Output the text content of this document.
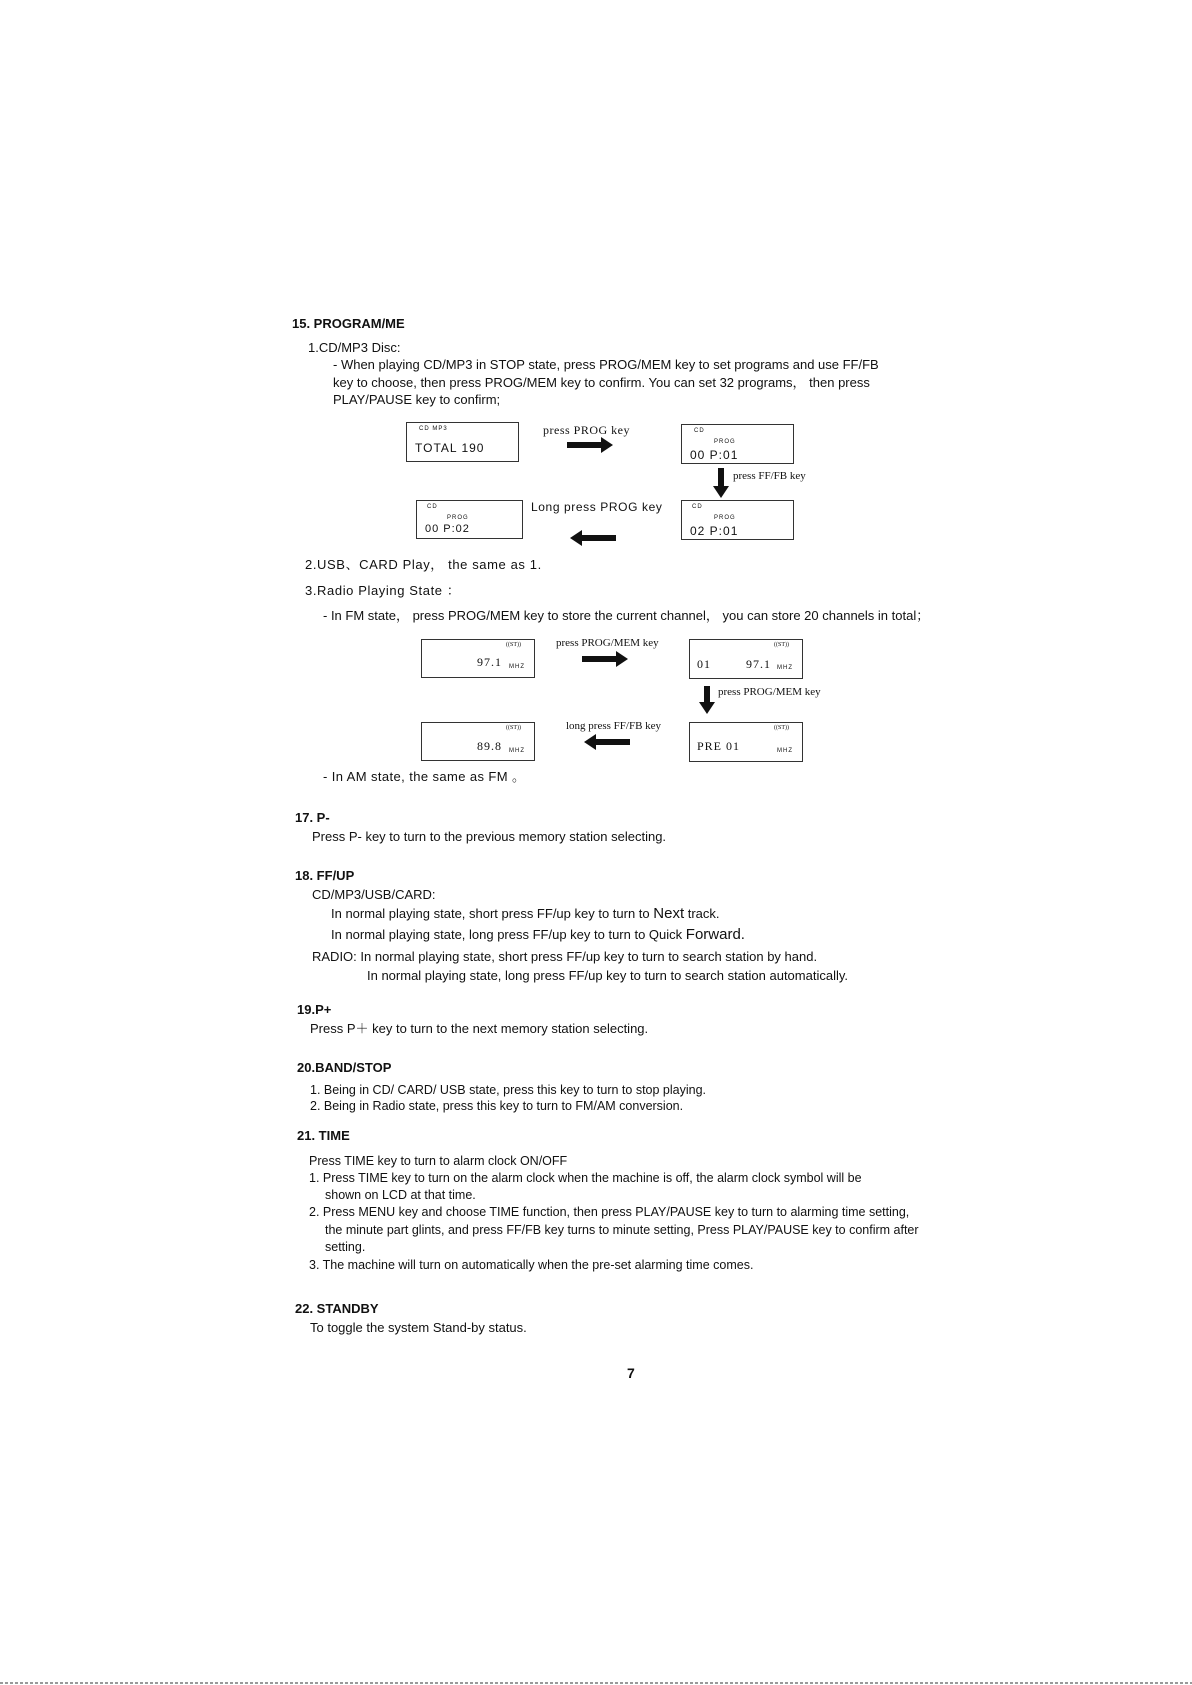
15. PROGRAM/ME
1.CD/MP3 Disc:
- When playing CD/MP3 in STOP state, press PROG/MEM key to set programs and use FF/FB
key to choose, then press PROG/MEM key to confirm. You can set 32 programs， then press
PLAY/PAUSE key to confirm;
CD MP3
TOTAL 190
press PROG key	CD
PROG
00 P:01
press FF/FB key
CD
PROG
00 P:02
Long press PROG key	CD
PROG
02 P:01
2.USB、CARD Play， the same as 1.
3.Radio Playing State ：
- In FM state， press PROG/MEM key to store the current channel， you can store 20 channels in total；
((ST))
97.1 MHZ
press PROG/MEM key	((ST))
01	97.1 MHZ
press PROG/MEM key
((ST))
89.8 MHZ
long press FF/FB key	((ST))
PRE 01	MHZ
- In AM state, the same as FM 。
17. P-
Press P- key to turn to the previous memory station selecting.
18. FF/UP
CD/MP3/USB/CARD:
In normal playing state, short press FF/up key to turn to Next track.
In normal playing state, long press FF/up key to turn to Quick Forward.
RADIO: In normal playing state, short press FF/up key to turn to search station by hand.
In normal playing state, long press FF/up key to turn to search station automatically.
19.P+
Press P＋ key to turn to the next memory station selecting.
20.BAND/STOP
1. Being in CD/ CARD/ USB state, press this key to turn to stop playing.
2. Being in Radio state, press this key to turn to FM/AM conversion.
21. TIME
Press TIME key to turn to alarm clock ON/OFF
1. Press TIME key to turn on the alarm clock when the machine is off, the alarm clock symbol will be
shown on LCD at that time.
2. Press MENU key and choose TIME function, then press PLAY/PAUSE key to turn to alarming time setting,
the minute part glints, and press FF/FB key turns to minute setting, Press PLAY/PAUSE key to confirm after
setting.
3. The machine will turn on automatically when the pre-set alarming time comes.
22. STANDBY
To toggle the system Stand-by status.
7
